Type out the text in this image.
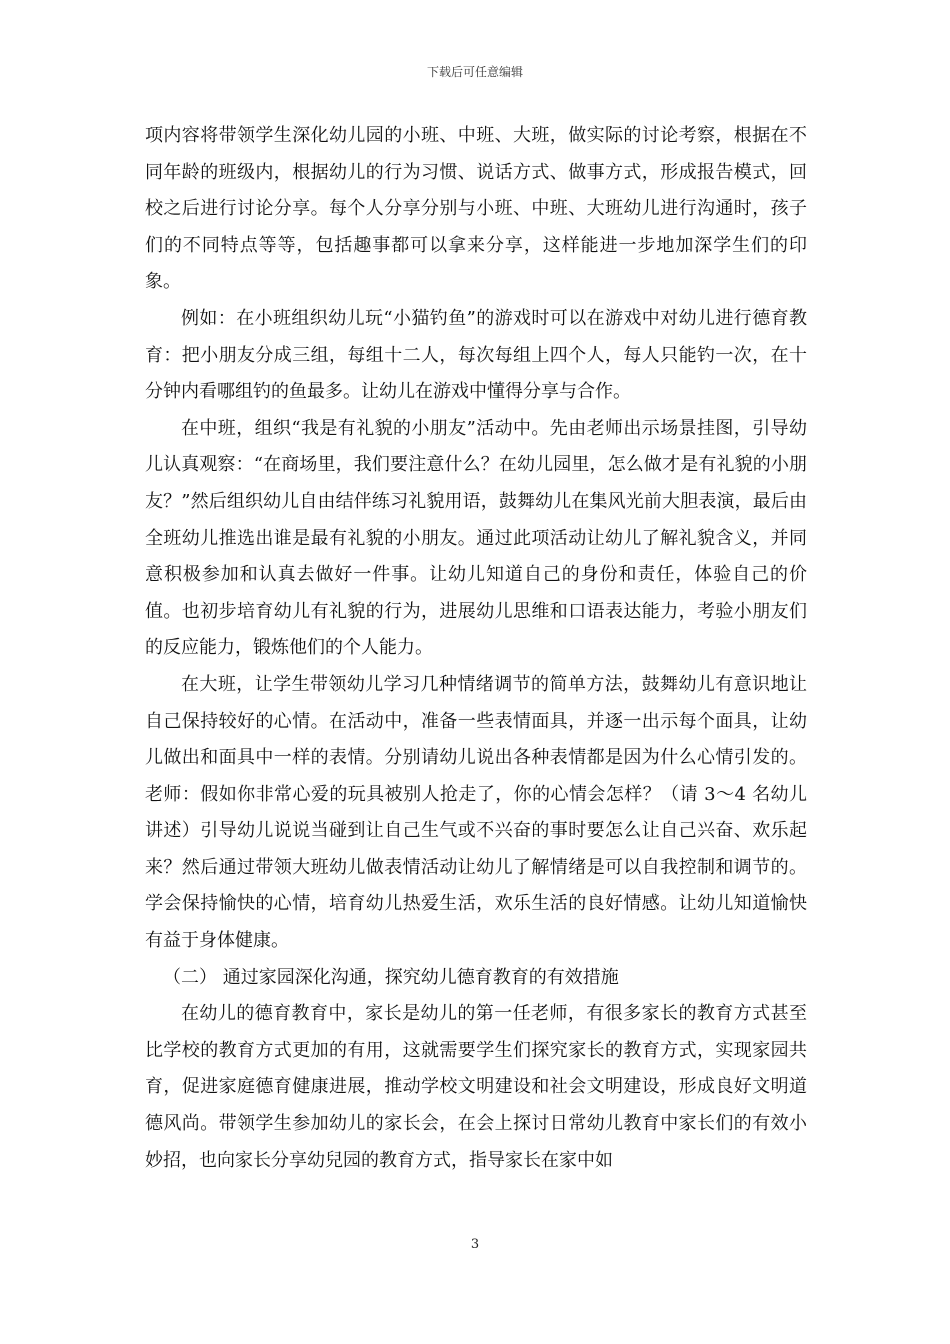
下载后可任意编辑

项内容将带领学生深化幼儿园的小班、中班、大班，做实际的讨论考察，根据在不同年龄的班级内，根据幼儿的行为习惯、说话方式、做事方式，形成报告模式，回校之后进行讨论分享。每个人分享分别与小班、中班、大班幼儿进行沟通时，孩子们的不同特点等等，包括趣事都可以拿来分享，这样能进一步地加深学生们的印象。

例如：在小班组织幼儿玩“小猫钓鱼”的游戏时可以在游戏中对幼儿进行德育教育：把小朋友分成三组，每组十二人，每次每组上四个人，每人只能钓一次，在十分钟内看哪组钓的鱼最多。让幼儿在游戏中懂得分享与合作。

在中班，组织“我是有礼貌的小朋友”活动中。先由老师出示场景挂图，引导幼儿认真观察：“在商场里，我们要注意什么？在幼儿园里，怎么做才是有礼貌的小朋友？”然后组织幼儿自由结伴练习礼貌用语，鼓舞幼儿在集风光前大胆表演，最后由全班幼儿推选出谁是最有礼貌的小朋友。通过此项活动让幼儿了解礼貌含义，并同意积极参加和认真去做好一件事。让幼儿知道自己的身份和责任，体验自己的价值。也初步培育幼儿有礼貌的行为，进展幼儿思维和口语表达能力，考验小朋友们的反应能力，锻炼他们的个人能力。

在大班，让学生带领幼儿学习几种情绪调节的简单方法，鼓舞幼儿有意识地让自己保持较好的心情。在活动中，准备一些表情面具，并逐一出示每个面具，让幼儿做出和面具中一样的表情。分别请幼儿说出各种表情都是因为什么心情引发的。老师：假如你非常心爱的玩具被别人抢走了，你的心情会怎样？（请 3～4 名幼儿讲述）引导幼儿说说当碰到让自己生气或不兴奋的事时要怎么让自己兴奋、欢乐起来？然后通过带领大班幼儿做表情活动让幼儿了解情绪是可以自我控制和调节的。学会保持愉快的心情，培育幼儿热爱生活，欢乐生活的良好情感。让幼儿知道愉快有益于身体健康。

（二） 通过家园深化沟通，探究幼儿德育教育的有效措施

在幼儿的德育教育中，家长是幼儿的第一任老师，有很多家长的教育方式甚至比学校的教育方式更加的有用，这就需要学生们探究家长的教育方式，实现家园共育，促进家庭德育健康进展，推动学校文明建设和社会文明建设，形成良好文明道德风尚。带领学生参加幼儿的家长会，在会上探讨日常幼儿教育中家长们的有效小妙招，也向家长分享幼兒园的教育方式，指导家长在家中如

3
